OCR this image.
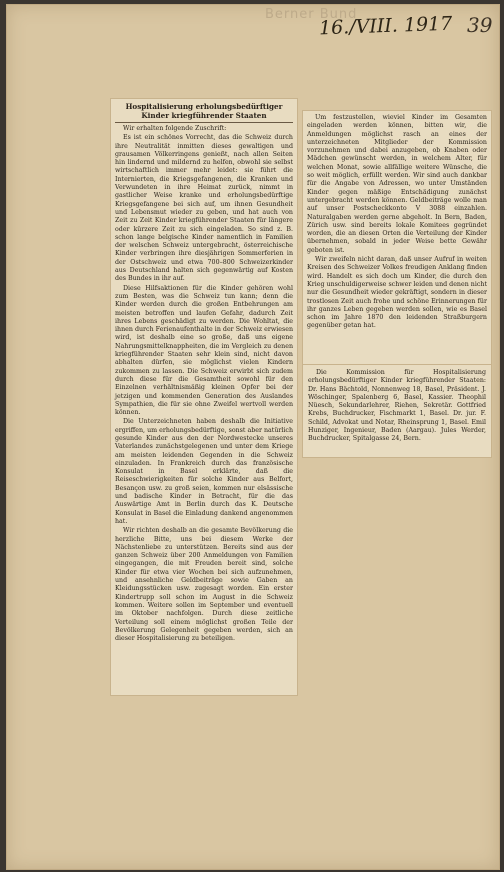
Berner Bund
16./VIII. 1917 39
Hospitalisierung erholungsbedürftiger Kinder kriegführender Staaten

Wir erhalten folgende Zuschrift:

Es ist ein schönes Vorrecht, das die Schweiz durch ihre Neutralität inmitten dieses gewaltigen und grausamen Völkerringens genießt, nach allen Seiten hin lindernd und mildernd zu helfen, obwohl sie selbst wirtschaftlich immer mehr leidet: sie führt die Internierten, die Kriegsgefangenen, die Kranken und Verwundeten in ihre Heimat zurück, nimmt in gastlicher Weise kranke und erholungsbedürftige Kriegsgefangene bei sich auf, um ihnen Gesundheit und Lebensmut wieder zu geben, und hat auch von Zeit zu Zeit Kinder kriegführender Staaten für längere oder kürzere Zeit zu sich eingeladen. So sind z. B. schon lange belgische Kinder namentlich in Familien der welschen Schweiz untergebracht, österreichische Kinder verbringen ihre diesjährigen Sommerferien in der Ostschweiz und etwa 700–800 Schweizerkinder aus Deutschland halten sich gegenwärtig auf Kosten des Bundes in ihr auf.

Diese Hilfsaktionen für die Kinder gehören wohl zum Besten, was die Schweiz tun kann; denn die Kinder werden durch die großen Entbehrungen am meisten betroffen und laufen Gefahr, dadurch Zeit ihres Lebens geschädigt zu werden. Die Wohltat, die ihnen durch Ferienaufenthalte in der Schweiz erwiesen wird, ist deshalb eine so große, daß uns eigene Nahrungsmittelknappheiten, die im Vergleich zu denen kriegführender Staaten sehr klein sind, nicht davon abhalten dürfen, sie möglichst vielen Kindern zukommen zu lassen. Die Schweiz erwirbt sich zudem durch diese für die Gesamtheit sowohl für den Einzelnen verhältnismäßig kleinen Opfer bei der jetzigen und kommenden Generation des Auslandes Sympathien, die für sie ohne Zweifel wertvoll werden können.

Die Unterzeichneten haben deshalb die Initiative ergriffen, um erholungsbedürftige, sonst aber natürlich gesunde Kinder aus den der Nordwestecke unseres Vaterlandes zunächstgelegenen und unter dem Kriege am meisten leidenden Gegenden in die Schweiz einzuladen. In Frankreich durch das französische Konsulat in Basel erklärte, daß die Reiseschwierigkeiten für solche Kinder aus Belfort, Besançon usw. zu groß seien, kommen nur elsässische und badische Kinder in Betracht, für die das Auswärtige Amt in Berlin durch das K. Deutsche Konsulat in Basel die Einladung dankend angenommen hat.

Wir richten deshalb an die gesamte Bevölkerung die herzliche Bitte, uns bei diesem Werke der Nächstenliebe zu unterstützen. Bereits sind aus der ganzen Schweiz über 200 Anmeldungen von Familien eingegangen, die mit Freuden bereit sind, solche Kinder für etwa vier Wochen bei sich aufzunehmen, und ansehnliche Geldbeiträge sowie Gaben an Kleidungsstücken usw. zugesagt worden. Ein erster Kindertrupp soll schon im August in die Schweiz kommen. Weitere sollen im September und eventuell im Oktober nachfolgen. Durch diese zeitliche Verteilung soll einem möglichst großen Teile der Bevölkerung Gelegenheit gegeben werden, sich an dieser Hospitalisierung zu beteiligen.

Um festzustellen, wieviel Kinder im Gesamten eingeladen werden können, bitten wir, die Anmeldungen möglichst rasch an eines der unterzeichneten Mitglieder der Kommission vorzunehmen und dabei anzugeben, ob Knaben oder Mädchen gewünscht werden, in welchem Alter, für welchen Monat, sowie allfällige weitere Wünsche, die so weit möglich, erfüllt werden. Wir sind auch dankbar für die Angabe von Adressen, wo unter Umständen Kinder gegen mäßige Entschädigung zunächst untergebracht werden können. Geldbeiträge wolle man auf unser Postscheckkonto V 3088 einzahlen. Naturalgaben werden gerne abgeholt. In Bern, Baden, Zürich usw. sind bereits lokale Komitees gegründet worden, die an diesen Orten die Verteilung der Kinder übernehmen, sobald in jeder Weise bette Gewähr geboten ist.

Wir zweifeln nicht daran, daß unser Aufruf in weiten Kreisen des Schweizer Volkes freudigen Anklang finden wird. Handelt es sich doch um Kinder, die durch den Krieg unschuldigerweise schwer leiden und denen nicht nur die Gesundheit wieder gekräftigt, sondern in dieser trostlosen Zeit auch frohe und schöne Erinnerungen für ihr ganzes Leben gegeben werden sollen, wie es Basel schon im Jahre 1870 den leidenden Straßburgern gegenüber getan hat.

Die Kommission für Hospitalisierung erholungsbedürftiger Kinder kriegführender Staaten: Dr. Hans Bächtold, Nonnenweg 18, Basel, Präsident. J. Wöschinger, Spalenberg 6, Basel, Kassier. Theophil Nüesch, Sekundarlehrer, Riehen, Sekretär. Gottfried Krebs, Buchdrucker, Fischmarkt 1, Basel. Dr. jur. F. Schild, Advokat und Notar, Rheinsprung 1, Basel. Emil Hunziger, Ingenieur, Baden (Aargau). Jules Werder, Buchdrucker, Spitalgasse 24, Bern.
